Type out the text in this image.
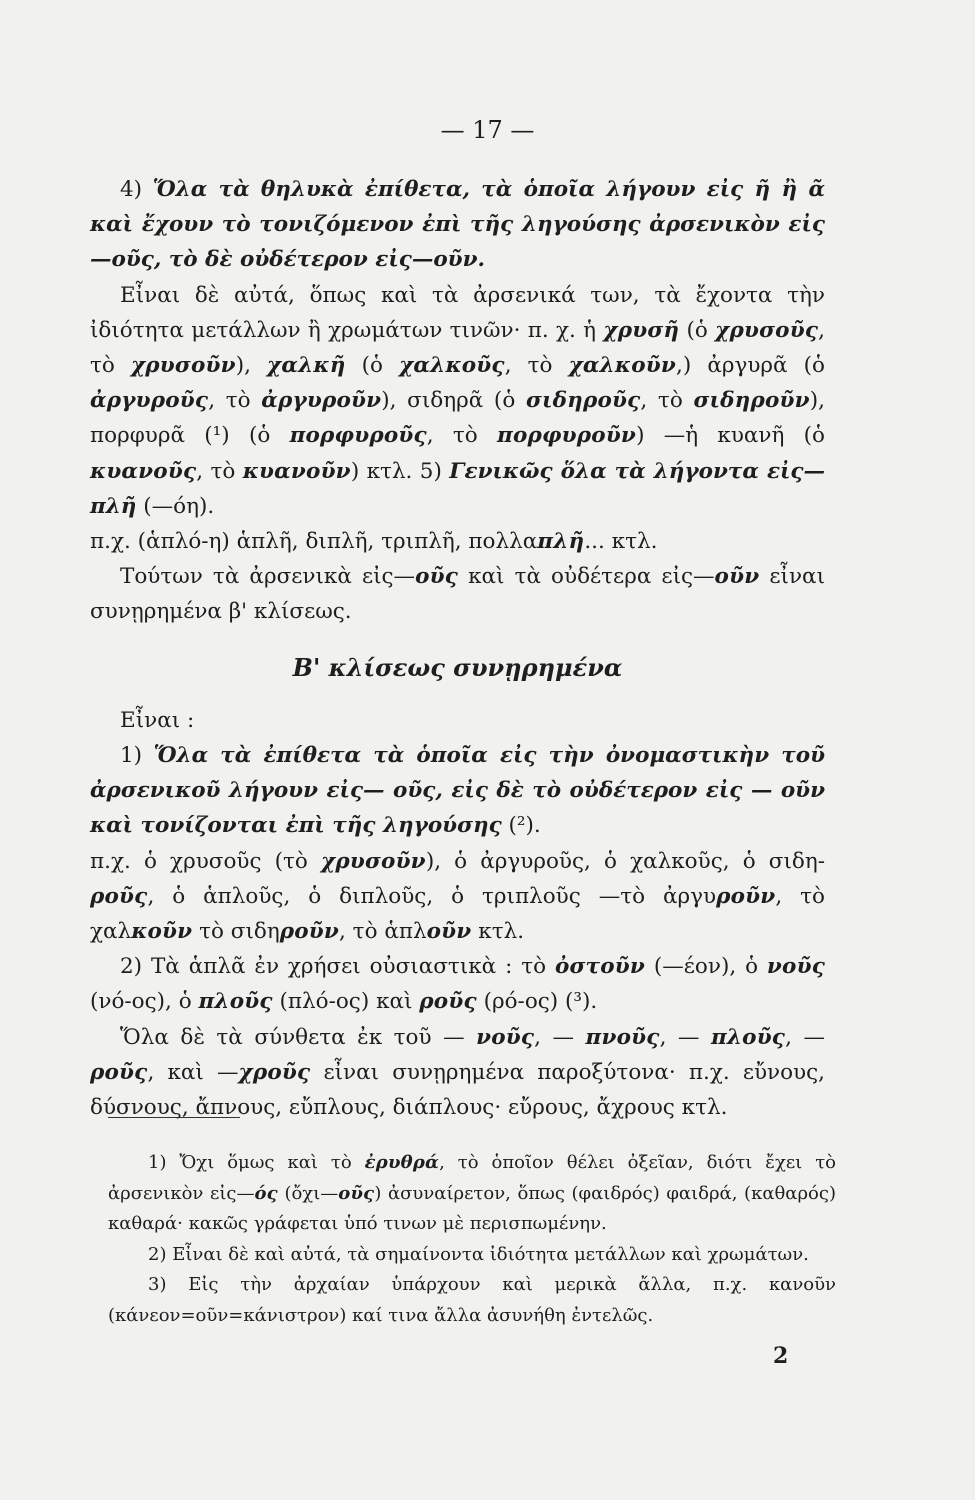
— 17 —

4) Ὅλα τὰ θηλυκὰ ἐπίθετα, τὰ ὁποῖα λήγουν εἰς ῆ ἢ ᾶ καὶ ἔχουν τὸ τονιζόμενον ἐπὶ τῆς ληγούσης ἀρσενικὸν εἰς —οῦς, τὸ δὲ οὐδέτερον εἰς—οῦν.

Εἶναι δὲ αὐτά, ὅπως καὶ τὰ ἀρσενικά των, τὰ ἔχοντα τὴν ἰδιότητα μετάλλων ἢ χρωμάτων τινῶν· π. χ. ἡ χρυσῆ (ὁ χρυσοῦς, τὸ χρυσοῦν), χαλκῆ (ὁ χαλκοῦς, τὸ χαλκοῦν,) ἀργυρᾶ (ὁ ἀργυροῦς, τὸ ἀργυροῦν), σιδηρᾶ (ὁ σιδηροῦς, τὸ σιδηροῦν), πορφυρᾶ (¹) (ὁ πορφυροῦς, τὸ πορφυροῦν) —ἡ κυανῆ (ὁ κυανοῦς, τὸ κυανοῦν) κτλ. 5) Γενικῶς ὅλα τὰ λήγοντα εἰς—πλῆ (—όη).

π.χ. (ἁπλό-η) ἁπλῆ, διπλῆ, τριπλῆ, πολλαπλῆ... κτλ.

Τούτων τὰ ἀρσενικὰ εἰς—οῦς καὶ τὰ οὐδέτερα εἰς—οῦν εἶναι συνῃρημένα β' κλίσεως.

Β' κλίσεως συνῃρημένα

Εἶναι :

1) Ὅλα τὰ ἐπίθετα τὰ ὁποῖα εἰς τὴν ὀνομαστικὴν τοῦ ἀρσενικοῦ λήγουν εἰς— οῦς, εἰς δὲ τὸ οὐδέτερον εἰς — οῦν καὶ τονίζονται ἐπὶ τῆς ληγούσης (²).

π.χ. ὁ χρυσοῦς (τὸ χρυσοῦν), ὁ ἀργυροῦς, ὁ χαλκοῦς, ὁ σιδη-ροῦς, ὁ ἁπλοῦς, ὁ διπλοῦς, ὁ τριπλοῦς —τὸ ἀργυροῦν, τὸ χαλκοῦν τὸ σιδηροῦν, τὸ ἁπλοῦν κτλ.

2) Τὰ ἁπλᾶ ἐν χρήσει οὐσιαστικὰ : τὸ ὀστοῦν (—έον), ὁ νοῦς (νό-ος), ὁ πλοῦς (πλό-ος) καὶ ροῦς (ρό-ος) (³).

Ὅλα δὲ τὰ σύνθετα ἐκ τοῦ — νοῦς, — πνοῦς, — πλοῦς, —ροῦς, καὶ —χροῦς εἶναι συνῃρημένα παροξύτονα· π.χ. εὔνους, δύσνους, ἄπνους, εὔπλους, διάπλους· εὔρους, ἄχρους κτλ.

1) Ὄχι ὅμως καὶ τὸ ἐρυθρά, τὸ ὁποῖον θέλει ὀξεῖαν, διότι ἔχει τὸ ἀρσενικὸν εἰς—ός (ὄχι—οῦς) ἀσυναίρετον, ὅπως (φαιδρός) φαιδρά, (καθαρός) καθαρά· κακῶς γράφεται ὑπό τινων μὲ περισπωμένην.

2) Εἶναι δὲ καὶ αὐτά, τὰ σημαίνοντα ἰδιότητα μετάλλων καὶ χρωμάτων.

3) Εἰς τὴν ἀρχαίαν ὑπάρχουν καὶ μερικὰ ἄλλα, π.χ. κανοῦν (κάνεον=οῦν=κάνιστρον) καί τινα ἄλλα ἀσυνήθη ἐντελῶς.

2
